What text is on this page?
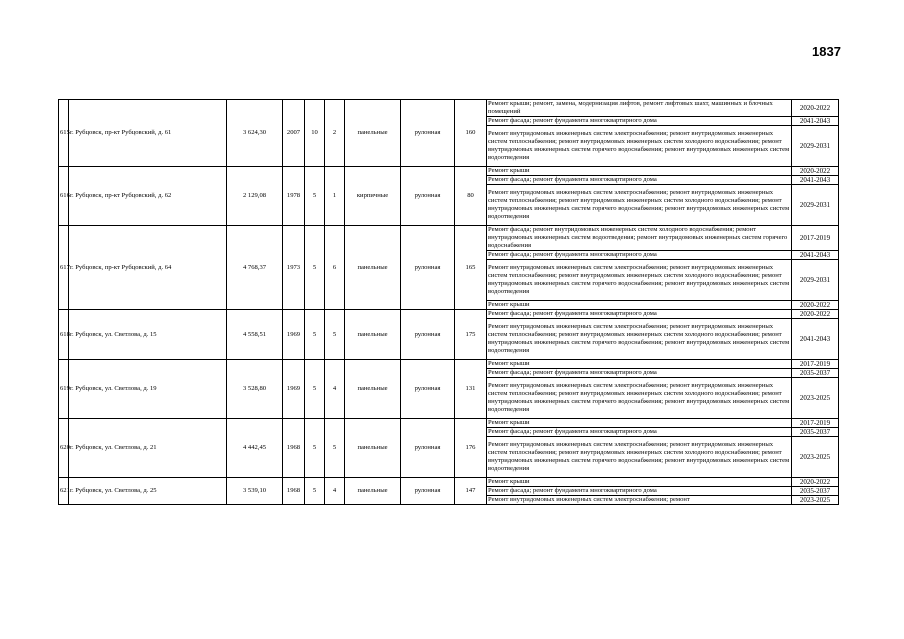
1837
615	г. Рубцовск, пр-кт Рубцовский, д. 61	3 624,30	2007	10	2	панельные	рулонная	160	Ремонт крыши; ремонт, замена, модернизация лифтов, ремонт лифтовых шахт, машинных и блочных помещений	2020-2022
									Ремонт фасада; ремонт фундамента многоквартирного дома	2041-2043
									Ремонт внутридомовых инженерных систем электроснабжения; ремонт внутридомовых инженерных систем теплоснабжения; ремонт внутридомовых инженерных систем холодного водоснабжения; ремонт внутридомовых инженерных систем горячего водоснабжения; ремонт внутридомовых инженерных систем водоотведения	2029-2031
616	г. Рубцовск, пр-кт Рубцовский, д. 62	2 129,08	1978	5	1	кирпичные	рулонная	80	Ремонт крыши	2020-2022
									Ремонт фасада; ремонт фундамента многоквартирного дома	2041-2043
									Ремонт внутридомовых инженерных систем электроснабжения; ремонт внутридомовых инженерных систем теплоснабжения; ремонт внутридомовых инженерных систем холодного водоснабжения; ремонт внутридомовых инженерных систем горячего водоснабжения; ремонт внутридомовых инженерных систем водоотведения	2029-2031
617	г. Рубцовск, пр-кт Рубцовский, д. 64	4 768,37	1973	5	6	панельные	рулонная	165	Ремонт фасада; ремонт внутридомовых инженерных систем холодного водоснабжения; ремонт внутридомовых инженерных систем водоотведения; ремонт внутридомовых инженерных систем горячего водоснабжения	2017-2019
									Ремонт фасада; ремонт фундамента многоквартирного дома	2041-2043
									Ремонт внутридомовых инженерных систем электроснабжения; ремонт внутридомовых инженерных систем теплоснабжения; ремонт внутридомовых инженерных систем холодного водоснабжения; ремонт внутридомовых инженерных систем горячего водоснабжения; ремонт внутридомовых инженерных систем водоотведения	2029-2031
									Ремонт крыши	2020-2022
618	г. Рубцовск, ул. Светлова, д. 15	4 558,51	1969	5	5	панельные	рулонная	175	Ремонт фасада; ремонт фундамента многоквартирного дома	2020-2022
									Ремонт внутридомовых инженерных систем электроснабжения; ремонт внутридомовых инженерных систем теплоснабжения; ремонт внутридомовых инженерных систем холодного водоснабжения; ремонт внутридомовых инженерных систем горячего водоснабжения; ремонт внутридомовых инженерных систем водоотведения	2041-2043
619	г. Рубцовск, ул. Светлова, д. 19	3 528,80	1969	5	4	панельные	рулонная	131	Ремонт крыши	2017-2019
									Ремонт фасада; ремонт фундамента многоквартирного дома	2035-2037
									Ремонт внутридомовых инженерных систем электроснабжения; ремонт внутридомовых инженерных систем теплоснабжения; ремонт внутридомовых инженерных систем холодного водоснабжения; ремонт внутридомовых инженерных систем горячего водоснабжения; ремонт внутридомовых инженерных систем водоотведения	2023-2025
620	г. Рубцовск, ул. Светлова, д. 21	4 442,45	1968	5	5	панельные	рулонная	176	Ремонт крыши	2017-2019
									Ремонт фасада; ремонт фундамента многоквартирного дома	2035-2037
									Ремонт внутридомовых инженерных систем электроснабжения; ремонт внутридомовых инженерных систем теплоснабжения; ремонт внутридомовых инженерных систем холодного водоснабжения; ремонт внутридомовых инженерных систем горячего водоснабжения; ремонт внутридомовых инженерных систем водоотведения	2023-2025
621	г. Рубцовск, ул. Светлова, д. 25	3 539,10	1968	5	4	панельные	рулонная	147	Ремонт крыши	2020-2022
									Ремонт фасада; ремонт фундамента многоквартирного дома	2035-2037
									Ремонт внутридомовых инженерных систем электроснабжения; ремонт	2023-2025
